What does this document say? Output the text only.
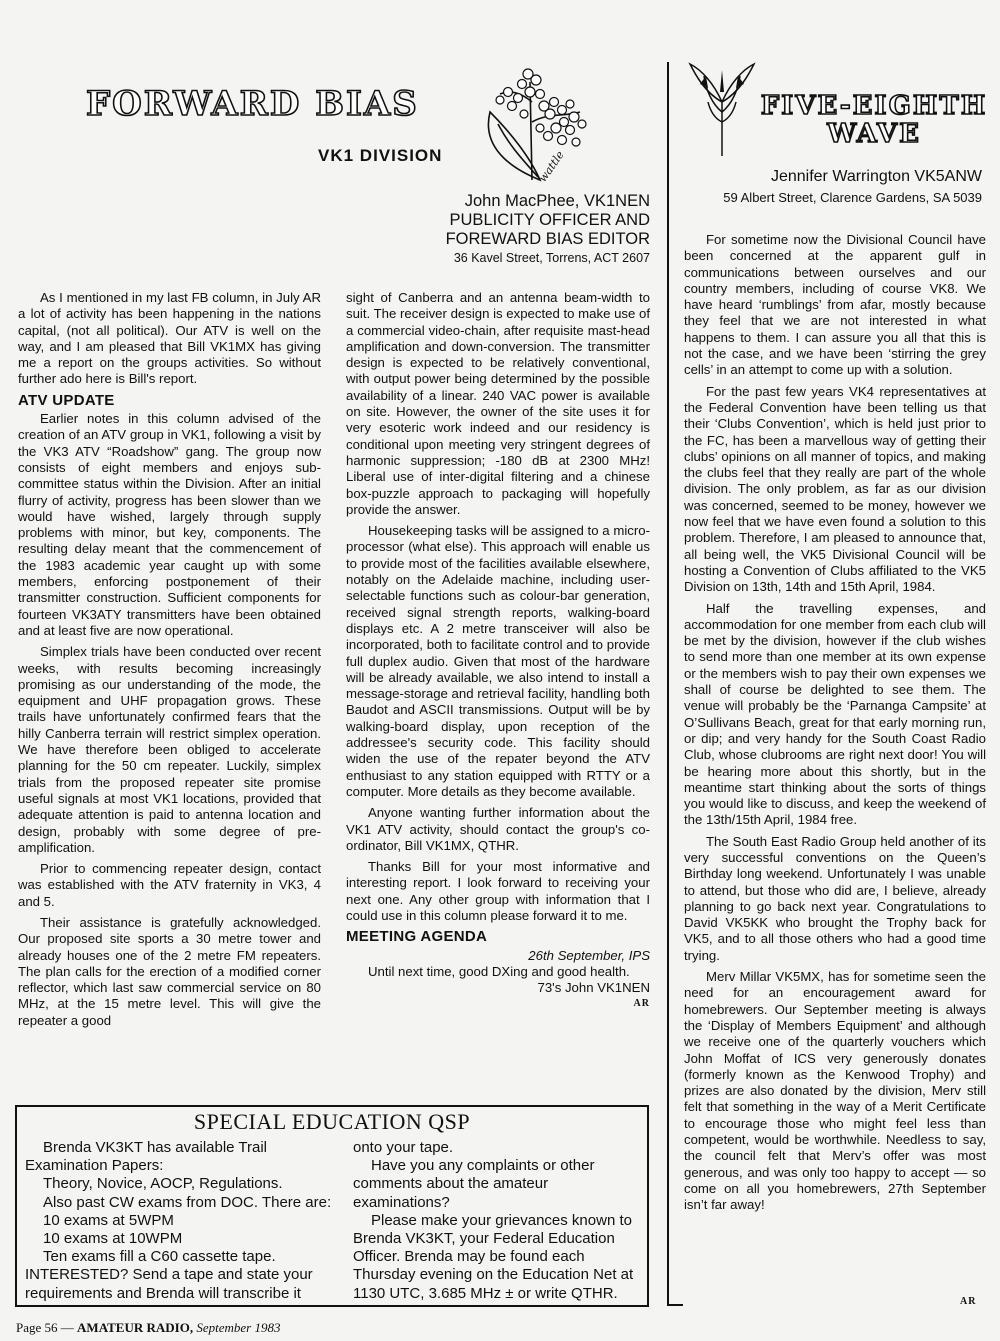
FORWARD BIAS
VK1 DIVISION	wattle
John MacPhee, VK1NEN
PUBLICITY OFFICER AND
FOREWARD BIAS EDITOR
36 Kavel Street, Torrens, ACT 2607

As I mentioned in my last FB column, in July AR a lot of activity has been happening in the nations capital, (not all political). Our ATV is well on the way, and I am pleased that Bill VK1MX has giving me a report on the groups activities. So without further ado here is Bill's report.

ATV UPDATE

Earlier notes in this column advised of the creation of an ATV group in VK1, following a visit by the VK3 ATV “Roadshow” gang. The group now consists of eight members and enjoys sub-committee status within the Division. After an initial flurry of activity, progress has been slower than we would have wished, largely through supply problems with minor, but key, components. The resulting delay meant that the commencement of the 1983 academic year caught up with some members, enforcing postponement of their transmitter construction. Sufficient components for fourteen VK3ATY transmitters have been obtained and at least five are now operational.

Simplex trials have been conducted over recent weeks, with results becoming increasingly promising as our understanding of the mode, the equipment and UHF propagation grows. These trails have unfortunately confirmed fears that the hilly Canberra terrain will restrict simplex operation. We have therefore been obliged to accelerate planning for the 50 cm repeater. Luckily, simplex trials from the proposed repeater site promise useful signals at most VK1 locations, provided that adequate attention is paid to antenna location and design, probably with some degree of pre-amplification.

Prior to commencing repeater design, contact was established with the ATV fraternity in VK3, 4 and 5.

Their assistance is gratefully acknowledged. Our proposed site sports a 30 metre tower and already houses one of the 2 metre FM repeaters. The plan calls for the erection of a modified corner reflector, which last saw commercial service on 80 MHz, at the 15 metre level. This will give the repeater a good

sight of Canberra and an antenna beam-width to suit. The receiver design is expected to make use of a commercial video-chain, after requisite mast-head amplification and down-conversion. The transmitter design is expected to be relatively conventional, with output power being determined by the possible availability of a linear. 240 VAC power is available on site. However, the owner of the site uses it for very esoteric work indeed and our residency is conditional upon meeting very stringent degrees of harmonic suppression; -180 dB at 2300 MHz! Liberal use of inter-digital filtering and a chinese box-puzzle approach to packaging will hopefully provide the answer.

Housekeeping tasks will be assigned to a micro-processor (what else). This approach will enable us to provide most of the facilities available elsewhere, notably on the Adelaide machine, including user-selectable functions such as colour-bar generation, received signal strength reports, walking-board displays etc. A 2 metre transceiver will also be incorporated, both to facilitate control and to provide full duplex audio. Given that most of the hardware will be already available, we also intend to install a message-storage and retrieval facility, handling both Baudot and ASCII transmissions. Output will be by walking-board display, upon reception of the addressee's security code. This facility should widen the use of the repater beyond the ATV enthusiast to any station equipped with RTTY or a computer. More details as they become available.

Anyone wanting further information about the VK1 ATV activity, should contact the group's co-ordinator, Bill VK1MX, QTHR.

Thanks Bill for your most informative and interesting report. I look forward to receiving your next one. Any other group with information that I could use in this column please forward it to me.

MEETING AGENDA
26th September, IPS

Until next time, good DXing and good health.

73's John VK1NEN
AR
SPECIAL EDUCATION QSP

Brenda VK3KT has available Trail Examination Papers:

Theory, Novice, AOCP, Regulations.

Also past CW exams from DOC. There are:

10 exams at 5WPM

10 exams at 10WPM

Ten exams fill a C60 cassette tape.

INTERESTED? Send a tape and state your requirements and Brenda will transcribe it

onto your tape.

Have you any complaints or other comments about the amateur examinations?

Please make your grievances known to Brenda VK3KT, your Federal Education Officer. Brenda may be found each Thursday evening on the Education Net at 1130 UTC, 3.685 MHz ± or write QTHR.

FIVE-EIGHTH
WAVE
Jennifer Warrington VK5ANW
59 Albert Street, Clarence Gardens, SA 5039

For sometime now the Divisional Council have been concerned at the apparent gulf in communications between ourselves and our country members, including of course VK8. We have heard ‘rumblings’ from afar, mostly because they feel that we are not interested in what happens to them. I can assure you all that this is not the case, and we have been ‘stirring the grey cells’ in an attempt to come up with a solution.

For the past few years VK4 representatives at the Federal Convention have been telling us that their ‘Clubs Convention’, which is held just prior to the FC, has been a marvellous way of getting their clubs’ opinions on all manner of topics, and making the clubs feel that they really are part of the whole division. The only problem, as far as our division was concerned, seemed to be money, however we now feel that we have even found a solution to this problem. Therefore, I am pleased to announce that, all being well, the VK5 Divisional Council will be hosting a Convention of Clubs affiliated to the VK5 Division on 13th, 14th and 15th April, 1984.

Half the travelling expenses, and accommodation for one member from each club will be met by the division, however if the club wishes to send more than one member at its own expense or the members wish to pay their own expenses we shall of course be delighted to see them. The venue will probably be the ‘Parnanga Campsite’ at O’Sullivans Beach, great for that early morning run, or dip; and very handy for the South Coast Radio Club, whose clubrooms are right next door! You will be hearing more about this shortly, but in the meantime start thinking about the sorts of things you would like to discuss, and keep the weekend of the 13th/15th April, 1984 free.

The South East Radio Group held another of its very successful conventions on the Queen’s Birthday long weekend. Unfortunately I was unable to attend, but those who did are, I believe, already planning to go back next year. Congratulations to David VK5KK who brought the Trophy back for VK5, and to all those others who had a good time trying.

Merv Millar VK5MX, has for sometime seen the need for an encouragement award for homebrewers. Our September meeting is always the ‘Display of Members Equipment’ and although we receive one of the quarterly vouchers which John Moffat of ICS very generously donates (formerly known as the Kenwood Trophy) and prizes are also donated by the division, Merv still felt that something in the way of a Merit Certificate to encourage those who might feel less than competent, would be worthwhile. Needless to say, the council felt that Merv’s offer was most generous, and was only too happy to accept — so come on all you homebrewers, 27th September isn’t far away!

AR
Page 56 — AMATEUR RADIO, September 1983
